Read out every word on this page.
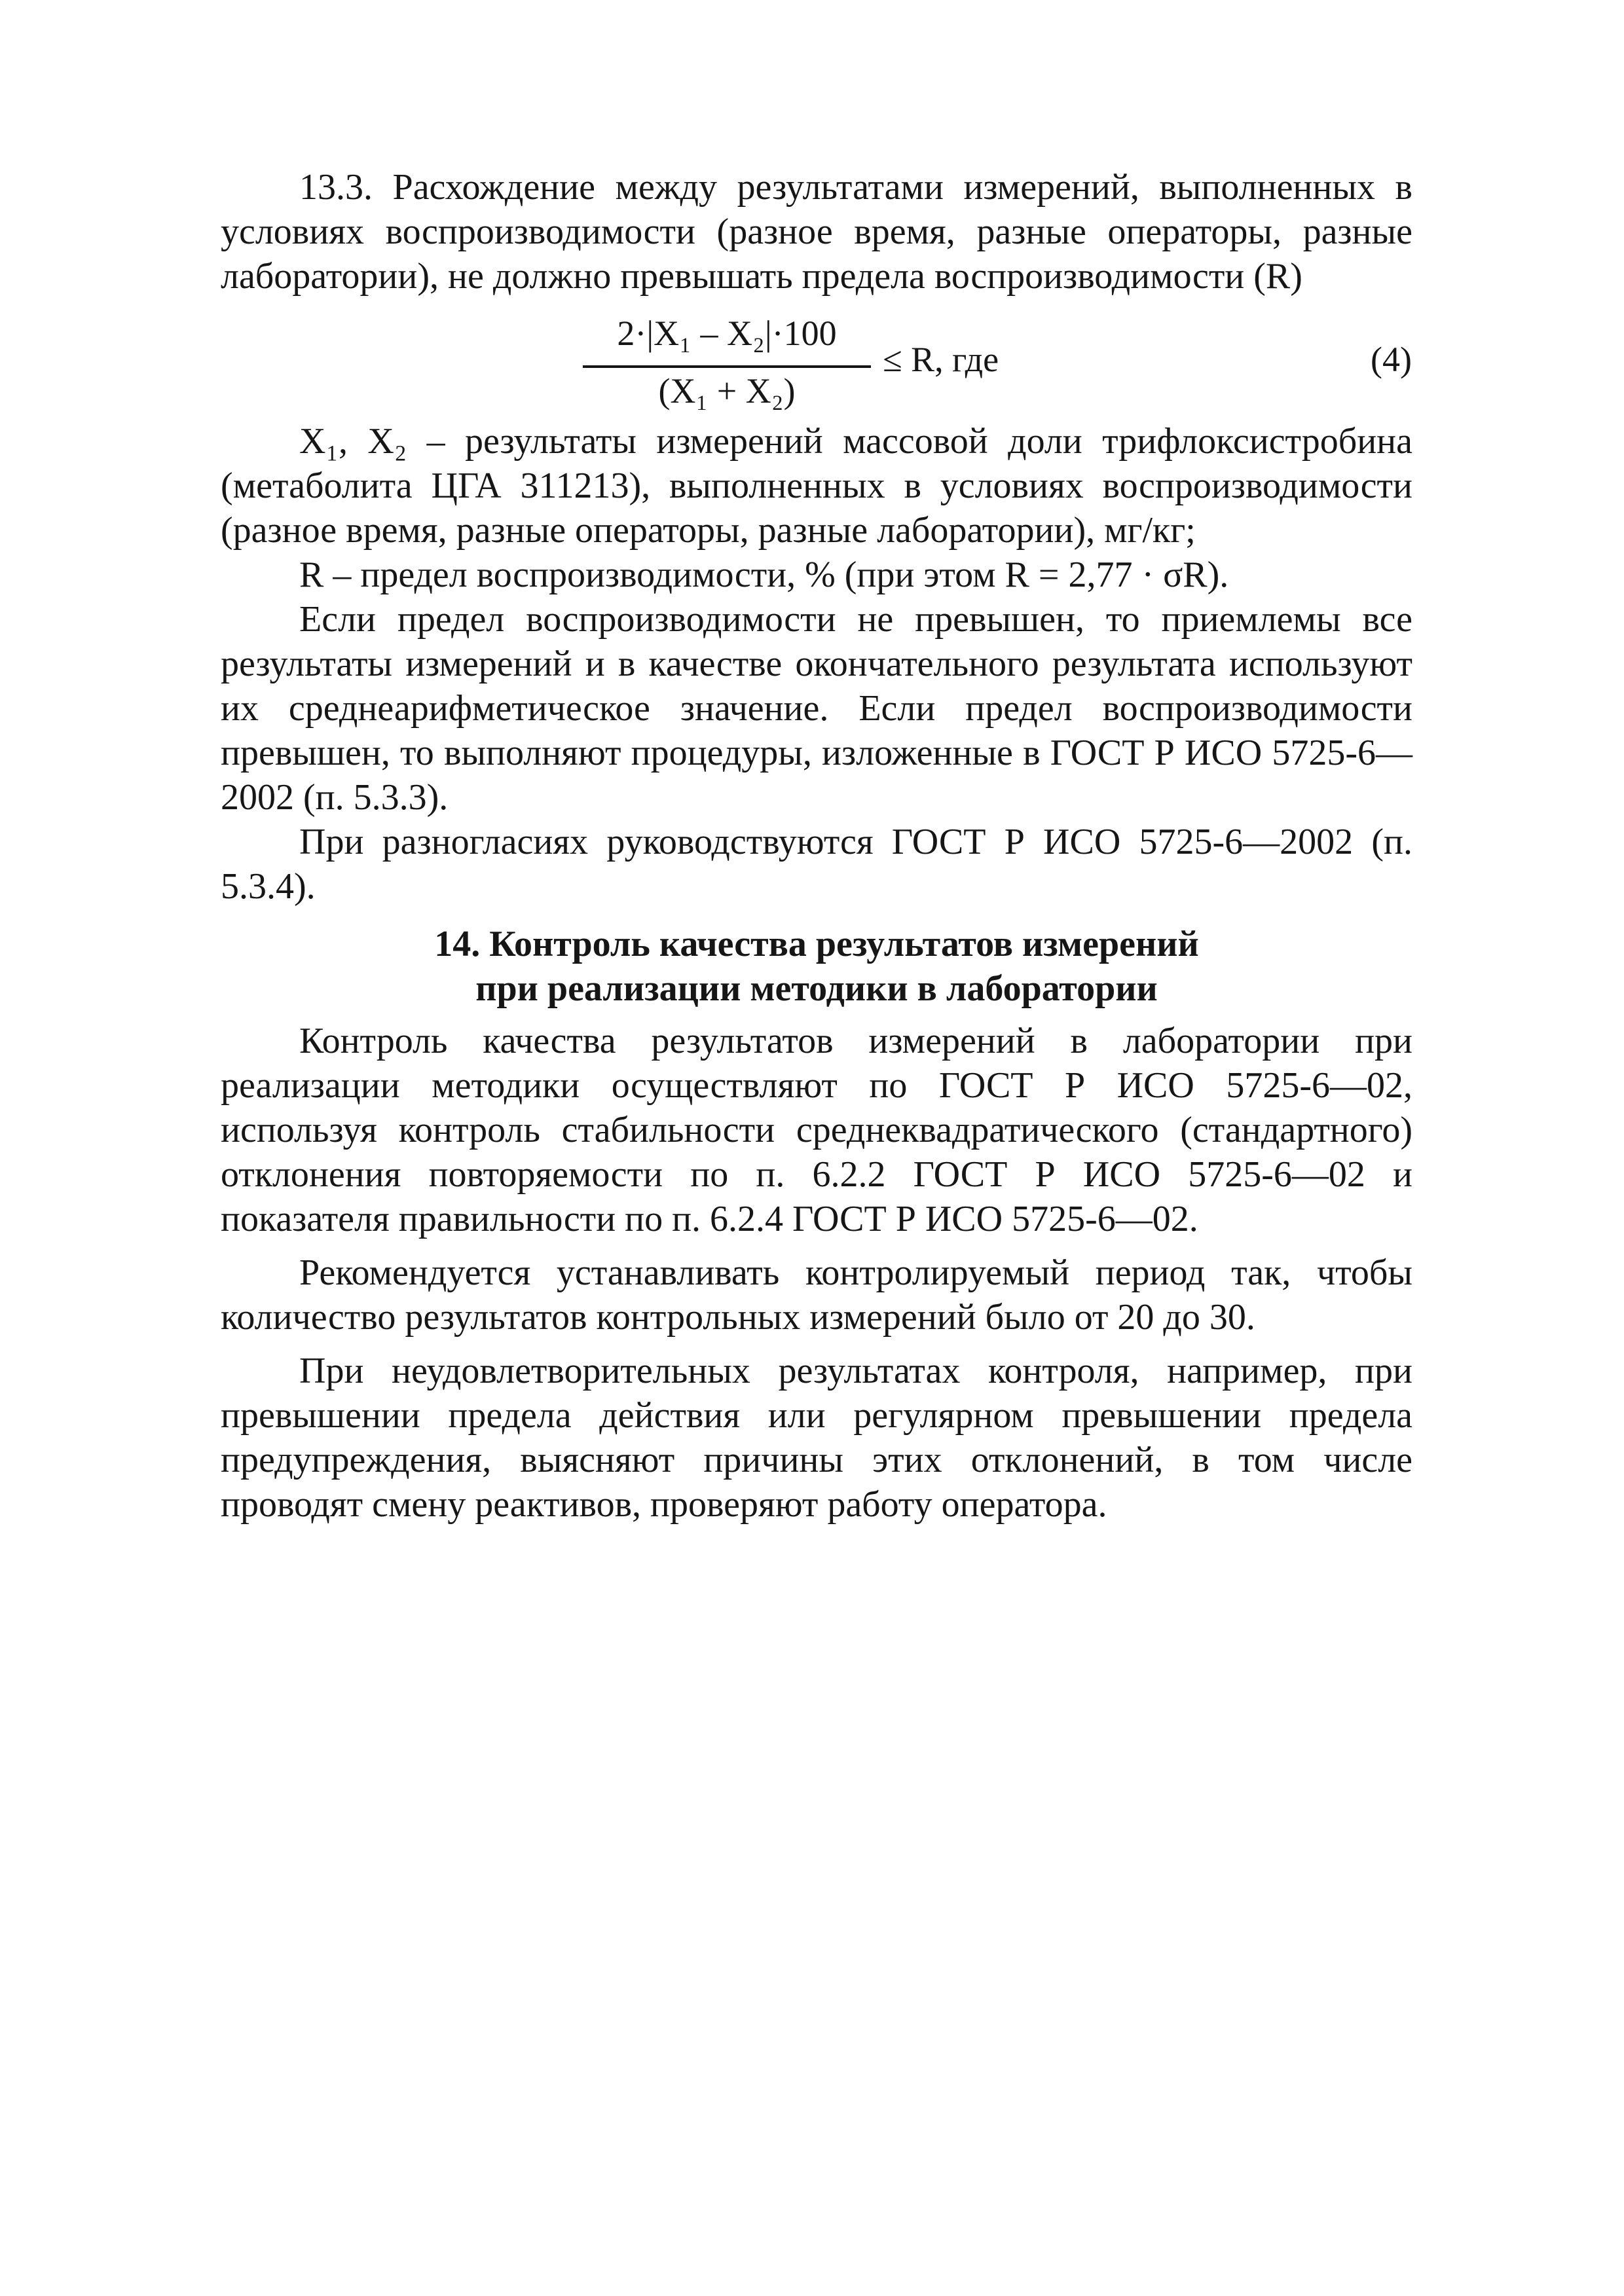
13.3. Расхождение между результатами измерений, выполненных в условиях воспроизводимости (разное время, разные операторы, разные лаборатории), не должно превышать предела воспроизводимости (R)

2·|X₁ – X₂|·100
(X₁ + X₂)
≤ R, где	(4)

X₁, X₂ – результаты измерений массовой доли трифлоксистробина (метаболита ЦГА 311213), выполненных в условиях воспроизводимости (разное время, разные операторы, разные лаборатории), мг/кг;

R – предел воспроизводимости, % (при этом R = 2,77 · σR).

Если предел воспроизводимости не превышен, то приемлемы все результаты измерений и в качестве окончательного результата используют их среднеарифметическое значение. Если предел воспроизводимости превышен, то выполняют процедуры, изложенные в ГОСТ Р ИСО 5725-6—2002 (п. 5.3.3).

При разногласиях руководствуются ГОСТ Р ИСО 5725-6—2002 (п. 5.3.4).

14. Контроль качества результатов измерений
при реализации методики в лаборатории

Контроль качества результатов измерений в лаборатории при реализации методики осуществляют по ГОСТ Р ИСО 5725-6—02, используя контроль стабильности среднеквадратического (стандартного) отклонения повторяемости по п. 6.2.2 ГОСТ Р ИСО 5725-6—02 и показателя правильности по п. 6.2.4 ГОСТ Р ИСО 5725-6—02.

Рекомендуется устанавливать контролируемый период так, чтобы количество результатов контрольных измерений было от 20 до 30.

При неудовлетворительных результатах контроля, например, при превышении предела действия или регулярном превышении предела предупреждения, выясняют причины этих отклонений, в том числе проводят смену реактивов, проверяют работу оператора.
